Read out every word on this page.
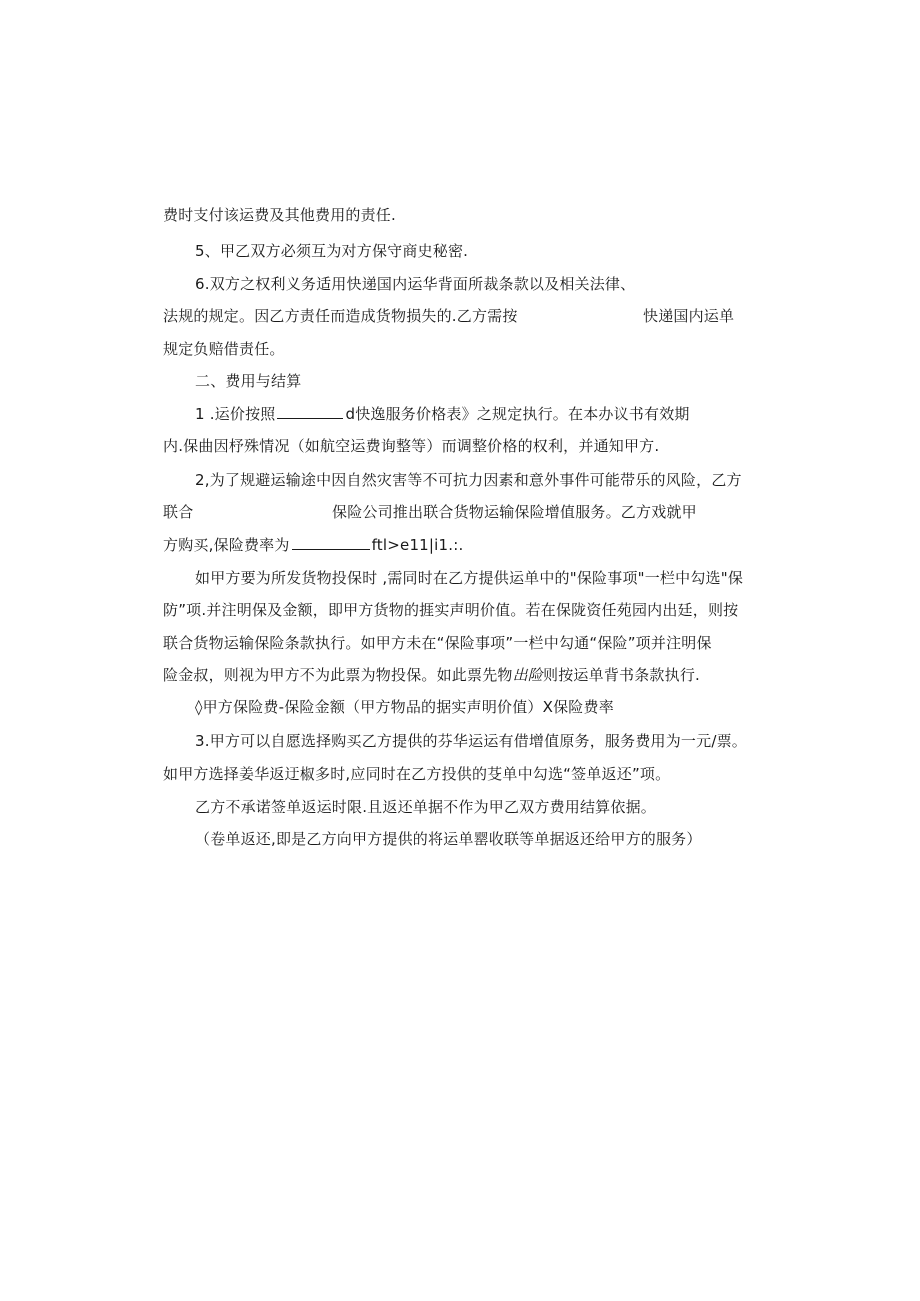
费时支付该运费及其他费用的责任.
5、甲乙双方必须互为对方保守商史秘密.
6.双方之权利义务适用快递国内运华背面所裁条款以及相关法律、
法规的规定。因乙方责任而造成货物损失的.乙方需按	快递国内运单
规定负赔借责任。
二、费用与结算
1 .运价按照	d快逸服务价格表》之规定执行。在本办议书有效期
内.保曲因杼殊情况（如航空运费询整等）而调整价格的权利，并通知甲方.
2,为了规避运输途中因自然灾害等不可抗力因素和意外事件可能带乐的风险，乙方
联合	保险公司推出联合货物运输保险增值服务。乙方戏就甲
方购买,保险费率为	ftl>e11|i1.:.
如甲方要为所发货物投保时 ,需同时在乙方提供运单中的"保险事项"一栏中勾选"保
防”项.并注明保及金额，即甲方货物的捱实声明价值。若在保陇资任苑园内出廷，则按
联合货物运输保险条款执行。如甲方未在“保险事项”一栏中勾通“保险”项并注明保
险金叔，则视为甲方不为此票为物投保。如此票先物出险则按运单背书条款执行.
◊甲方保险费-保险金额（甲方物品的据实声明价值）X保险费率
3.甲方可以自愿选择购买乙方提供的芬华运运有借增值原务，服务费用为一元/票。
如甲方选择姜华返迂椒多时,应同时在乙方投供的芟单中勾选“签单返还”项。
乙方不承诺签单返运时限.且返还单据不作为甲乙双方费用结算依据。
（卷单返还,即是乙方向甲方提供的将运单罂收联等单据返还给甲方的服务）
